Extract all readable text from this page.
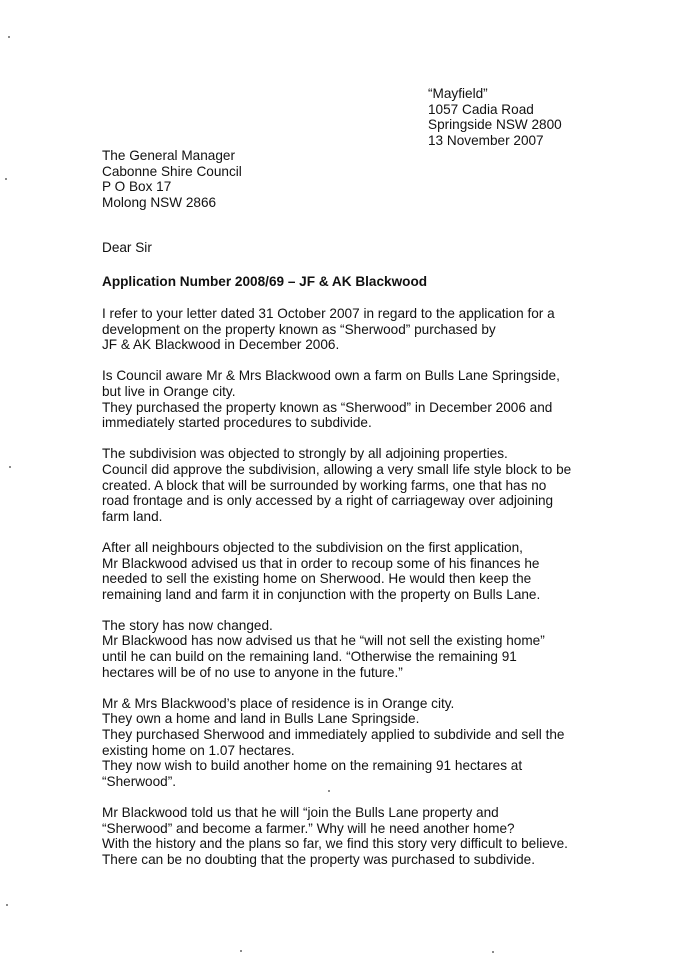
“Mayfield”
1057 Cadia Road
Springside NSW 2800
13 November 2007
The General Manager
Cabonne Shire Council
P O Box 17
Molong NSW 2866
Dear Sir
Application Number 2008/69 – JF & AK Blackwood
I refer to your letter dated 31 October 2007 in regard to the application for a
development on the property known as “Sherwood” purchased by
JF & AK Blackwood in December 2006.
Is Council aware Mr & Mrs Blackwood own a farm on Bulls Lane Springside,
but live in Orange city.
They purchased the property known as “Sherwood” in December 2006 and
immediately started procedures to subdivide.
The subdivision was objected to strongly by all adjoining properties.
Council did approve the subdivision, allowing a very small life style block to be
created. A block that will be surrounded by working farms, one that has no
road frontage and is only accessed by a right of carriageway over adjoining
farm land.
After all neighbours objected to the subdivision on the first application,
Mr Blackwood advised us that in order to recoup some of his finances he
needed to sell the existing home on Sherwood. He would then keep the
remaining land and farm it in conjunction with the property on Bulls Lane.
The story has now changed.
Mr Blackwood has now advised us that he “will not sell the existing home”
until he can build on the remaining land. “Otherwise the remaining 91
hectares will be of no use to anyone in the future.”
Mr & Mrs Blackwood’s place of residence is in Orange city.
They own a home and land in Bulls Lane Springside.
They purchased Sherwood and immediately applied to subdivide and sell the
existing home on 1.07 hectares.
They now wish to build another home on the remaining 91 hectares at
“Sherwood”.
Mr Blackwood told us that he will “join the Bulls Lane property and
“Sherwood” and become a farmer.” Why will he need another home?
With the history and the plans so far, we find this story very difficult to believe.
There can be no doubting that the property was purchased to subdivide.
